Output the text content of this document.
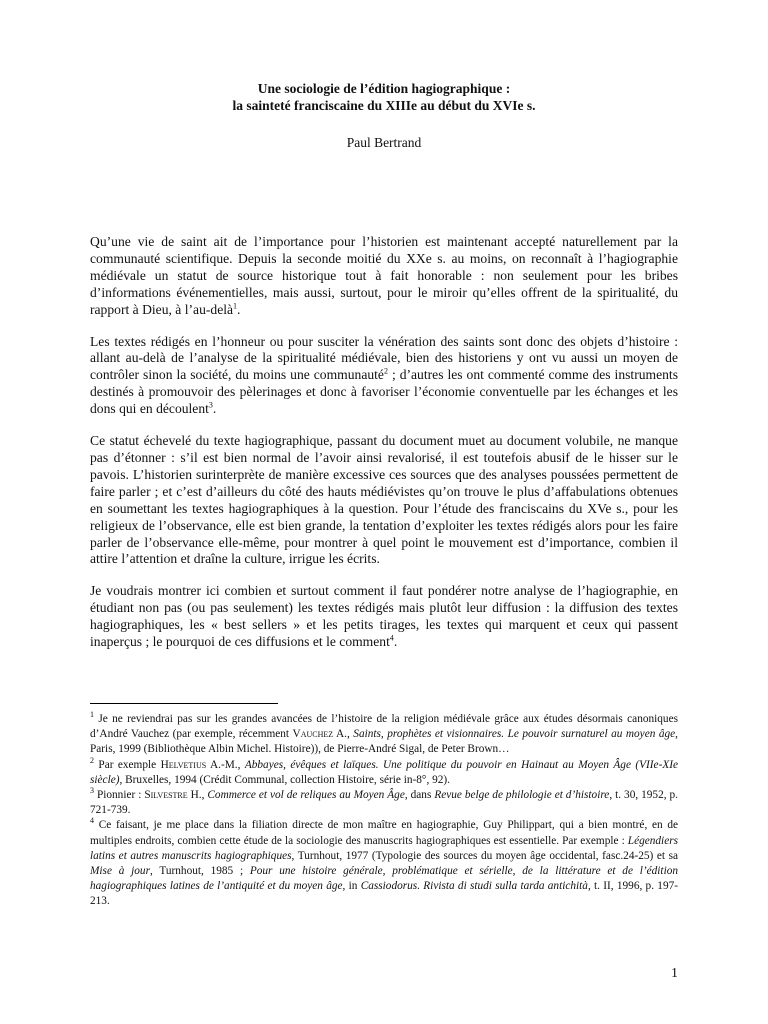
Une sociologie de l’édition hagiographique :
la sainteté franciscaine du XIIIe au début du XVIe s.
Paul Bertrand

Qu’une vie de saint ait de l’importance pour l’historien est maintenant accepté naturellement par la communauté scientifique. Depuis la seconde moitié du XXe s. au moins, on reconnaît à l’hagiographie médiévale un statut de source historique tout à fait honorable : non seulement pour les bribes d’informations événementielles, mais aussi, surtout, pour le miroir qu’elles offrent de la spiritualité, du rapport à Dieu, à l’au-delà$^1$.

Les textes rédigés en l’honneur ou pour susciter la vénération des saints sont donc des objets d’histoire : allant au-delà de l’analyse de la spiritualité médiévale, bien des historiens y ont vu aussi un moyen de contrôler sinon la société, du moins une communauté$^2$ ; d’autres les ont commenté comme des instruments destinés à promouvoir des pèlerinages et donc à favoriser l’économie conventuelle par les échanges et les dons qui en découlent$^3$.

Ce statut échevelé du texte hagiographique, passant du document muet au document volubile, ne manque pas d’étonner : s’il est bien normal de l’avoir ainsi revalorisé, il est toutefois abusif de le hisser sur le pavois. L’historien surinterprète de manière excessive ces sources que des analyses poussées permettent de faire parler ; et c’est d’ailleurs du côté des hauts médiévistes qu’on trouve le plus d’affabulations obtenues en soumettant les textes hagiographiques à la question. Pour l’étude des franciscains du XVe s., pour les religieux de l’observance, elle est bien grande, la tentation d’exploiter les textes rédigés alors pour les faire parler de l’observance elle-même, pour montrer à quel point le mouvement est d’importance, combien il attire l’attention et draîne la culture, irrigue les écrits.

Je voudrais montrer ici combien et surtout comment il faut pondérer notre analyse de l’hagiographie, en étudiant non pas (ou pas seulement) les textes rédigés mais plutôt leur diffusion : la diffusion des textes hagiographiques, les « best sellers » et les petits tirages, les textes qui marquent et ceux qui passent inaperçus ; le pourquoi de ces diffusions et le comment$^4$.

$^1$ Je ne reviendrai pas sur les grandes avancées de l’histoire de la religion médiévale grâce aux études désormais canoniques d’André Vauchez (par exemple, récemment Vauchez A., Saints, prophètes et visionnaires. Le pouvoir surnaturel au moyen âge, Paris, 1999 (Bibliothèque Albin Michel. Histoire)), de Pierre-André Sigal, de Peter Brown…

$^2$ Par exemple Helvetius A.-M., Abbayes, évêques et laïques. Une politique du pouvoir en Hainaut au Moyen Âge (VIIe-XIe siècle), Bruxelles, 1994 (Crédit Communal, collection Histoire, série in-8°, 92).

$^3$ Pionnier : Silvestre H., Commerce et vol de reliques au Moyen Âge, dans Revue belge de philologie et d’histoire, t. 30, 1952, p. 721-739.

$^4$ Ce faisant, je me place dans la filiation directe de mon maître en hagiographie, Guy Philippart, qui a bien montré, en de multiples endroits, combien cette étude de la sociologie des manuscrits hagiographiques est essentielle. Par exemple : Légendiers latins et autres manuscrits hagiographiques, Turnhout, 1977 (Typologie des sources du moyen âge occidental, fasc.24-25) et sa Mise à jour, Turnhout, 1985 ; Pour une histoire générale, problématique et sérielle, de la littérature et de l’édition hagiographiques latines de l’antiquité et du moyen âge, in Cassiodorus. Rivista di studi sulla tarda antichità, t. II, 1996, p. 197-213.

1
